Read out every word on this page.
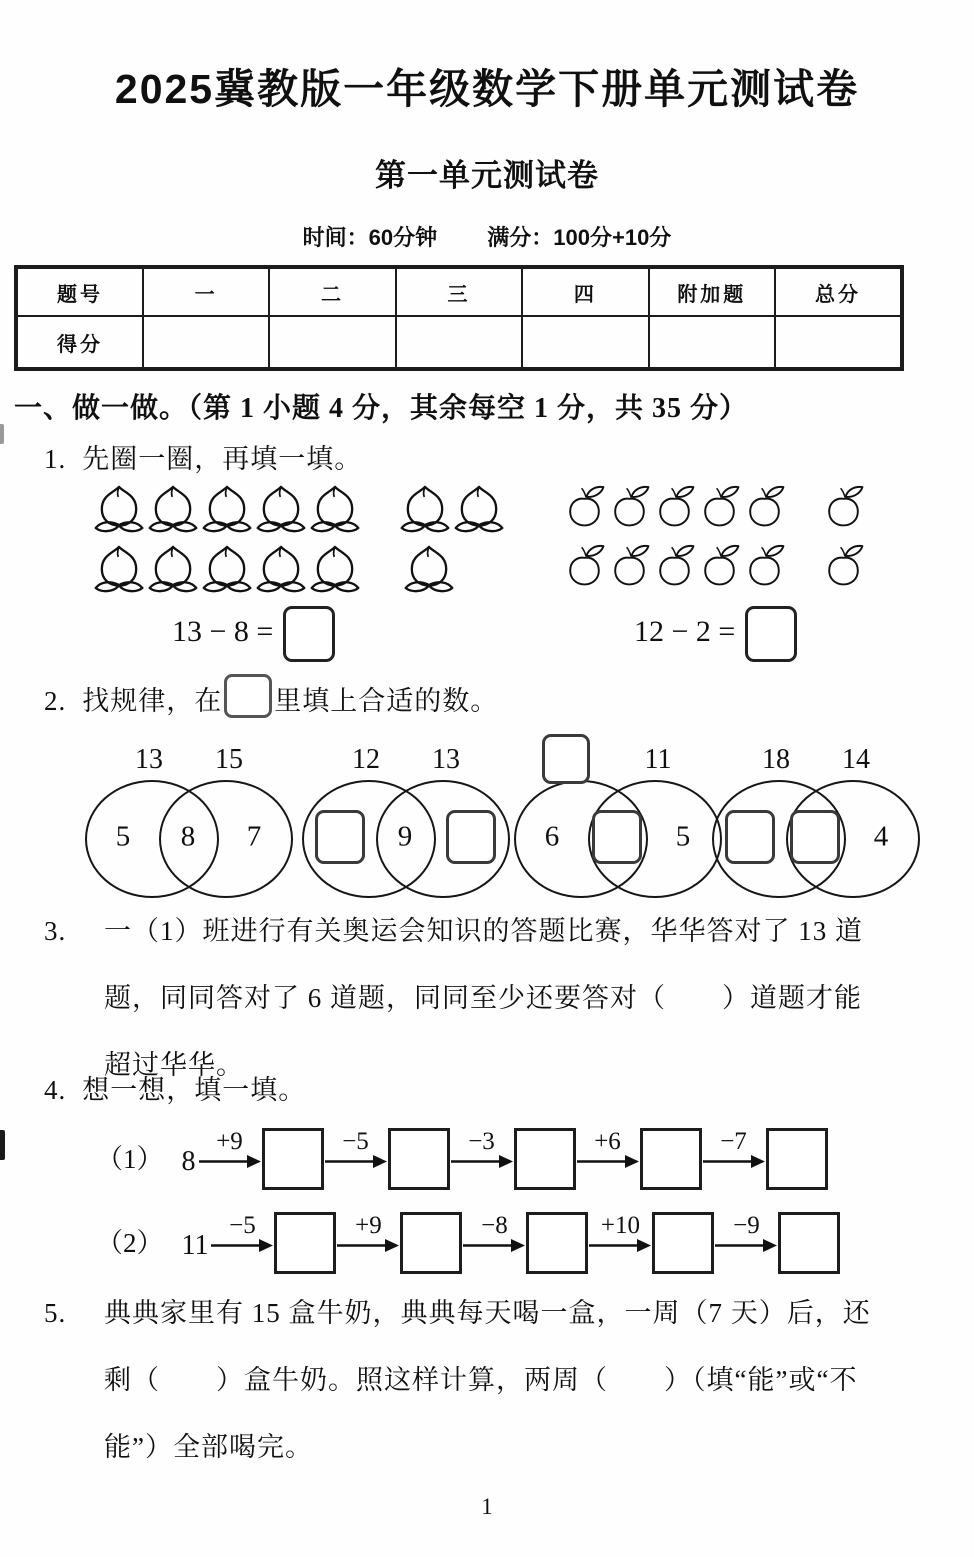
2025冀教版一年级数学下册单元测试卷
第一单元测试卷
时间：60分钟 满分：100分+10分
题号	一	二	三	四	附加题	总分
得分						
一、做一做。（第 1 小题 4 分，其余每空 1 分，共 35 分）
1. 先圈一圈，再填一填。
13 − 8 =	12 − 2 =
2. 找规律，在 里填上合适的数。
13 15
5 8 7
12 13
9
11
6	5
18 14
4
3.	一（1）班进行有关奥运会知识的答题比赛，华华答对了 13 道
题，同同答对了 6 道题，同同至少还要答对（　　）道题才能
超过华华。
4. 想一想，填一填。
（1） 8
+9	−5	−3	+6	−7
（2） 11
−5	+9	−8	+10	−9
5.	典典家里有 15 盒牛奶，典典每天喝一盒，一周（7 天）后，还
剩（　　）盒牛奶。照这样计算，两周（　　）（填“能”或“不
能”）全部喝完。
1
